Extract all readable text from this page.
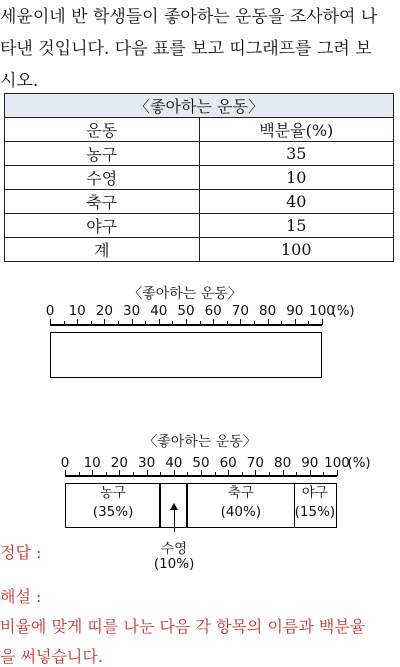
세윤이네 반 학생들이 좋아하는 운동을 조사하여 나
타낸 것입니다. 다음 표를 보고 띠그래프를 그려 보
시오.
〈좋아하는 운동〉	
운동	백분율(%)
농구	35
수영	10
축구	40
야구	15
계	100
〈좋아하는 운동〉
0 10 20 30 40 50 60 70 80 90 100
(%)
정답 :
〈좋아하는 운동〉
0 10 20 30 40 50 60 70 80 90 100
(%)
농구
(35%)
축구
(40%)
야구
(15%)
수영
(10%)
해설 :
비율에 맞게 띠를 나눈 다음 각 항목의 이름과 백분율
을 써넣습니다.
